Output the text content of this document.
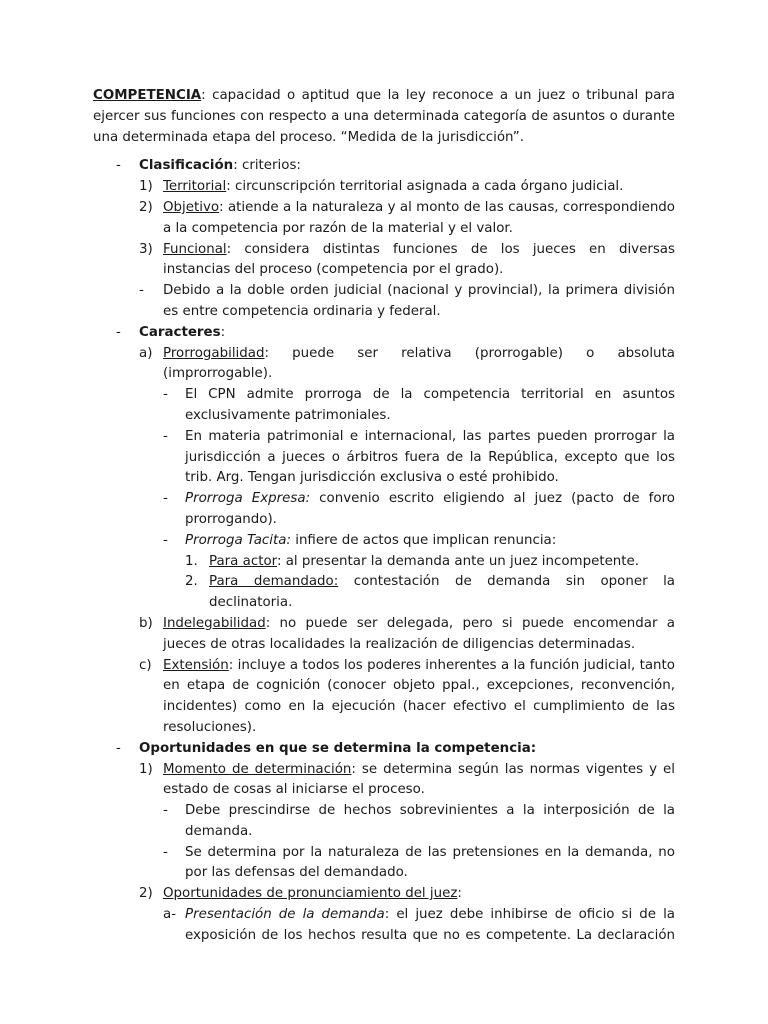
COMPETENCIA: capacidad o aptitud que la ley reconoce a un juez o tribunal para ejercer sus funciones con respecto a una determinada categoría de asuntos o durante una determinada etapa del proceso. “Medida de la jurisdicción”.

-	Clasificación: criterios:
1) Territorial: circunscripción territorial asignada a cada órgano judicial.
2) Objetivo: atiende a la naturaleza y al monto de las causas, correspondiendo a la competencia por razón de la material y el valor.
3) Funcional: considera distintas funciones de los jueces en diversas instancias del proceso (competencia por el grado).
-	Debido a la doble orden judicial (nacional y provincial), la primera división es entre competencia ordinaria y federal.
-	Caracteres:
a) Prorrogabilidad: puede ser relativa (prorrogable) o absoluta (improrrogable).
-	El CPN admite prorroga de la competencia territorial en asuntos exclusivamente patrimoniales.
-	En materia patrimonial e internacional, las partes pueden prorrogar la jurisdicción a jueces o árbitros fuera de la República, excepto que los trib. Arg. Tengan jurisdicción exclusiva o esté prohibido.
-	Prorroga Expresa: convenio escrito eligiendo al juez (pacto de foro prorrogando).
-	Prorroga Tacita: infiere de actos que implican renuncia:
1. Para actor: al presentar la demanda ante un juez incompetente.
2. Para demandado: contestación de demanda sin oponer la declinatoria.
b) Indelegabilidad: no puede ser delegada, pero si puede encomendar a jueces de otras localidades la realización de diligencias determinadas.
c) Extensión: incluye a todos los poderes inherentes a la función judicial, tanto en etapa de cognición (conocer objeto ppal., excepciones, reconvención, incidentes) como en la ejecución (hacer efectivo el cumplimiento de las resoluciones).
-	Oportunidades en que se determina la competencia:
1) Momento de determinación: se determina según las normas vigentes y el estado de cosas al iniciarse el proceso.
-	Debe prescindirse de hechos sobrevinientes a la interposición de la demanda.
-	Se determina por la naturaleza de las pretensiones en la demanda, no por las defensas del demandado.
2) Oportunidades de pronunciamiento del juez:
a- Presentación de la demanda: el juez debe inhibirse de oficio si de la exposición de los hechos resulta que no es competente. La declaración
